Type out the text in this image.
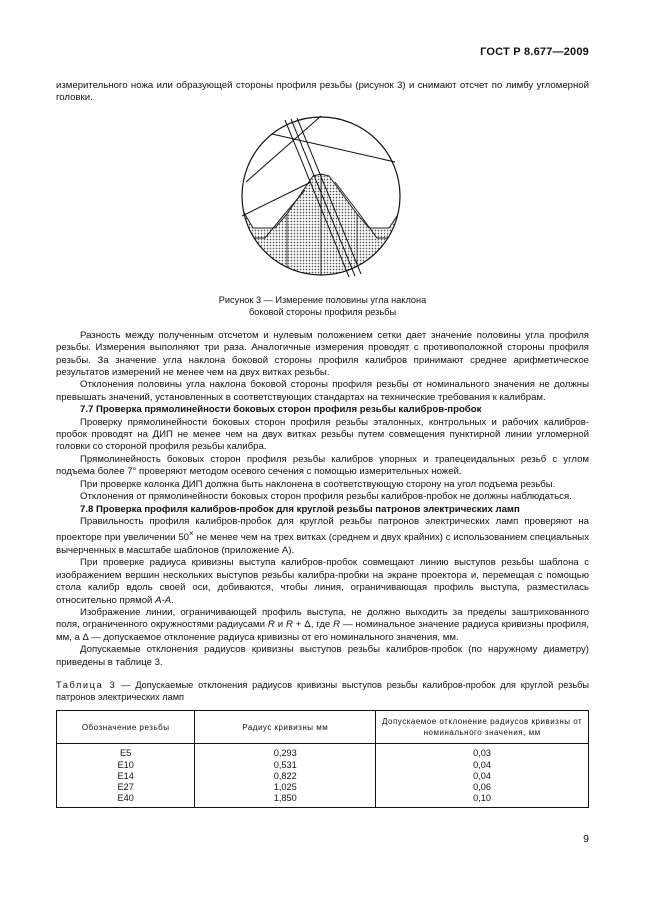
ГОСТ Р 8.677—2009

измерительного ножа или образующей стороны профиля резьбы (рисунок 3) и снимают отсчет по лимбу угломерной головки.

Рисунок 3 — Измерение половины угла наклона
боковой стороны профиля резьбы

Разность между полученным отсчетом и нулевым положением сетки дает значение половины угла профиля резьбы. Измерения выполняют три раза. Аналогичные измерения проводят с противоположной стороны профиля резьбы. За значение угла наклона боковой стороны профиля калибров принимают среднее арифметическое результатов измерений не менее чем на двух витках резьбы.

Отклонения половины угла наклона боковой стороны профиля резьбы от номинального значения не должны превышать значений, установленных в соответствующих стандартах на технические требования к калибрам.

7.7 Проверка прямолинейности боковых сторон профиля резьбы калибров-пробок

Проверку прямолинейности боковых сторон профиля резьбы эталонных, контрольных и рабочих калибров-пробок проводят на ДИП не менее чем на двух витках резьбы путем совмещения пунктирной линии угломерной головки со стороной профиля резьбы калибра.

Прямолинейность боковых сторон профиля резьбы калибров упорных и трапецеидальных резьб с углом подъема более 7° проверяют методом осевого сечения с помощью измерительных ножей.

При проверке колонка ДИП должна быть наклонена в соответствующую сторону на угол подъема резьбы.

Отклонения от прямолинейности боковых сторон профиля резьбы калибров-пробок не должны наблюдаться.

7.8 Проверка профиля калибров-пробок для круглой резьбы патронов электрических ламп

Правильность профиля калибров-пробок для круглой резьбы патронов электрических ламп проверяют на проекторе при увеличении 50× не менее чем на трех витках (среднем и двух крайних) с использованием специальных вычерченных в масштабе шаблонов (приложение А).

При проверке радиуса кривизны выступа калибров-пробок совмещают линию выступов резьбы шаблона с изображением вершин нескольких выступов резьбы калибра-пробки на экране проектора и, перемещая с помощью стола калибр вдоль своей оси, добиваются, чтобы линия, ограничивающая профиль выступа, разместилась относительно прямой А-А.

Изображение линии, ограничивающей профиль выступа, не должно выходить за пределы заштрихованного поля, ограниченного окружностями радиусами R и R + Δ, где R — номинальное значение радиуса кривизны профиля, мм, а Δ — допускаемое отклонение радиуса кривизны от его номинального значения, мм.

Допускаемые отклонения радиусов кривизны выступов резьбы калибров-пробок (по наружному диаметру) приведены в таблице 3.

Таблица 3 — Допускаемые отклонения радиусов кривизны выступов резьбы калибров-пробок для круглой резьбы патронов электрических ламп

Обозначение резьбы	Радиус кривизны мм	Допускаемое отклонение радиусов кривизны от номинального значения, мм
E5	0,293	0,03
E10	0,531	0,04
E14	0,822	0,04
E27	1,025	0,06
E40	1,850	0,10
9
